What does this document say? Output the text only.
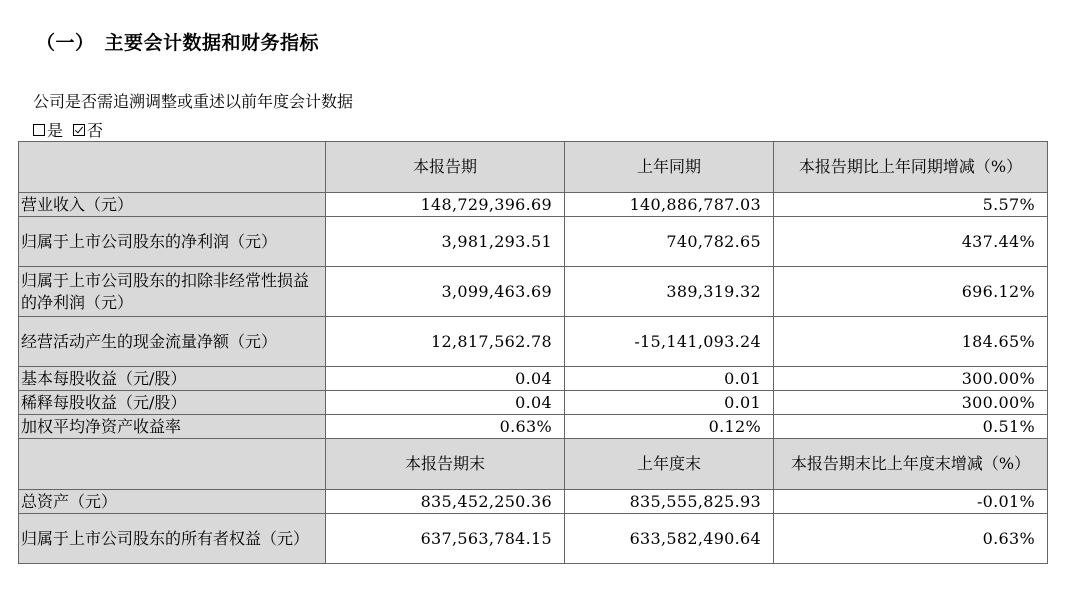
（一）　主要会计数据和财务指标
公司是否需追溯调整或重述以前年度会计数据
是 否
	本报告期	上年同期	本报告期比上年同期增减（%）
营业收入（元）	148,729,396.69	140,886,787.03	5.57%
归属于上市公司股东的净利润（元）	3,981,293.51	740,782.65	437.44%
归属于上市公司股东的扣除非经常性损益的净利润（元）	3,099,463.69	389,319.32	696.12%
经营活动产生的现金流量净额（元）	12,817,562.78	-15,141,093.24	184.65%
基本每股收益（元/股）	0.04	0.01	300.00%
稀释每股收益（元/股）	0.04	0.01	300.00%
加权平均净资产收益率	0.63%	0.12%	0.51%
	本报告期末	上年度末	本报告期末比上年度末增减（%）
总资产（元）	835,452,250.36	835,555,825.93	-0.01%
归属于上市公司股东的所有者权益（元）	637,563,784.15	633,582,490.64	0.63%
